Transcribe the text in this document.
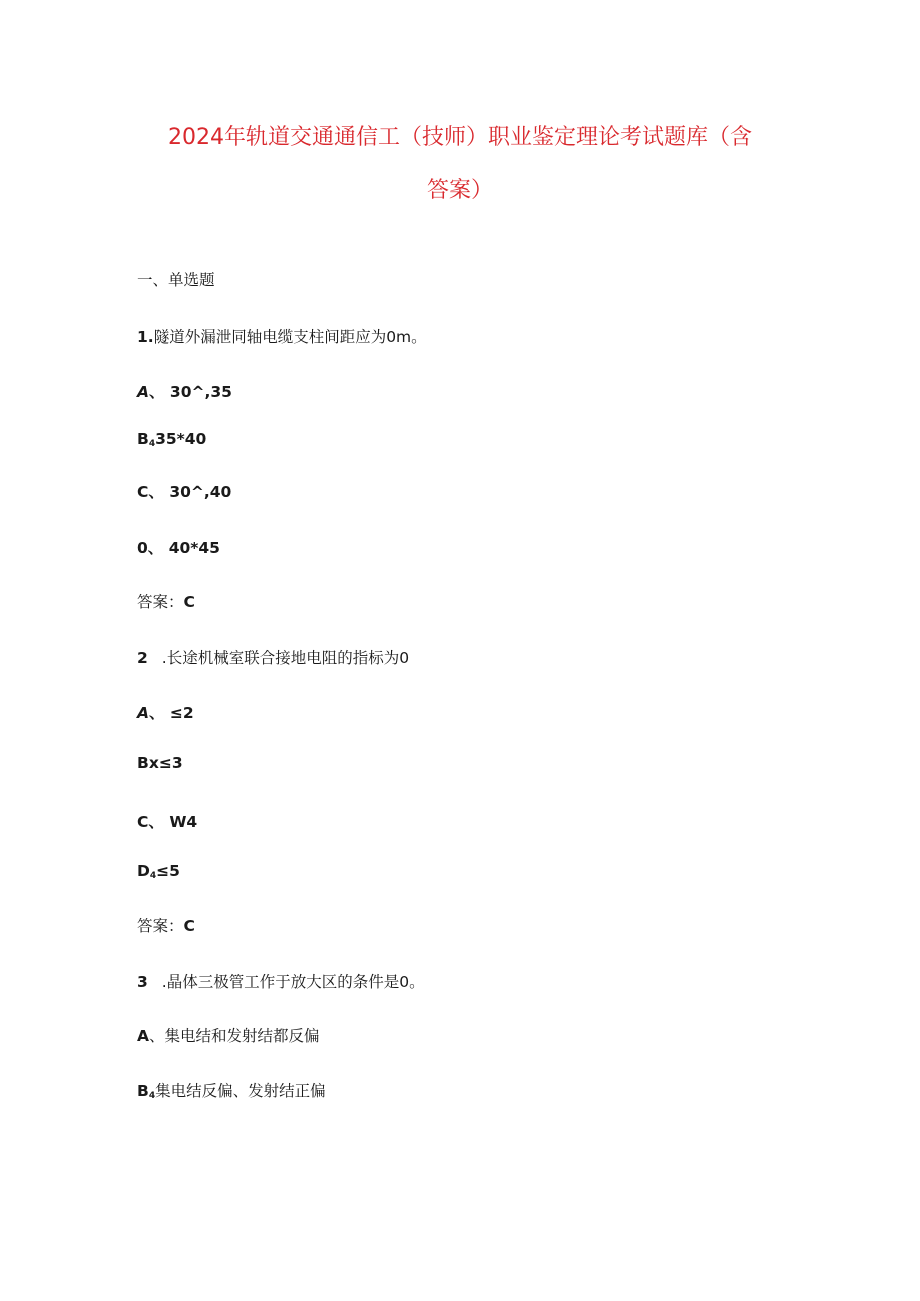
2024年轨道交通通信工（技师）职业鉴定理论考试题库（含
答案）
一、单选题
1.隧道外漏泄同轴电缆支柱间距应为0m。
A、 30^,35
$B_435*40$
C、 30^,40
0、 40*45
答案：C
2 .长途机械室联合接地电阻的指标为0
A、 ≤2
Bx≤3
C、 W4
$D_4\le 5$
答案：C
3 .晶体三极管工作于放大区的条件是0。
A、集电结和发射结都反偏
$B_4$集电结反偏、发射结正偏
